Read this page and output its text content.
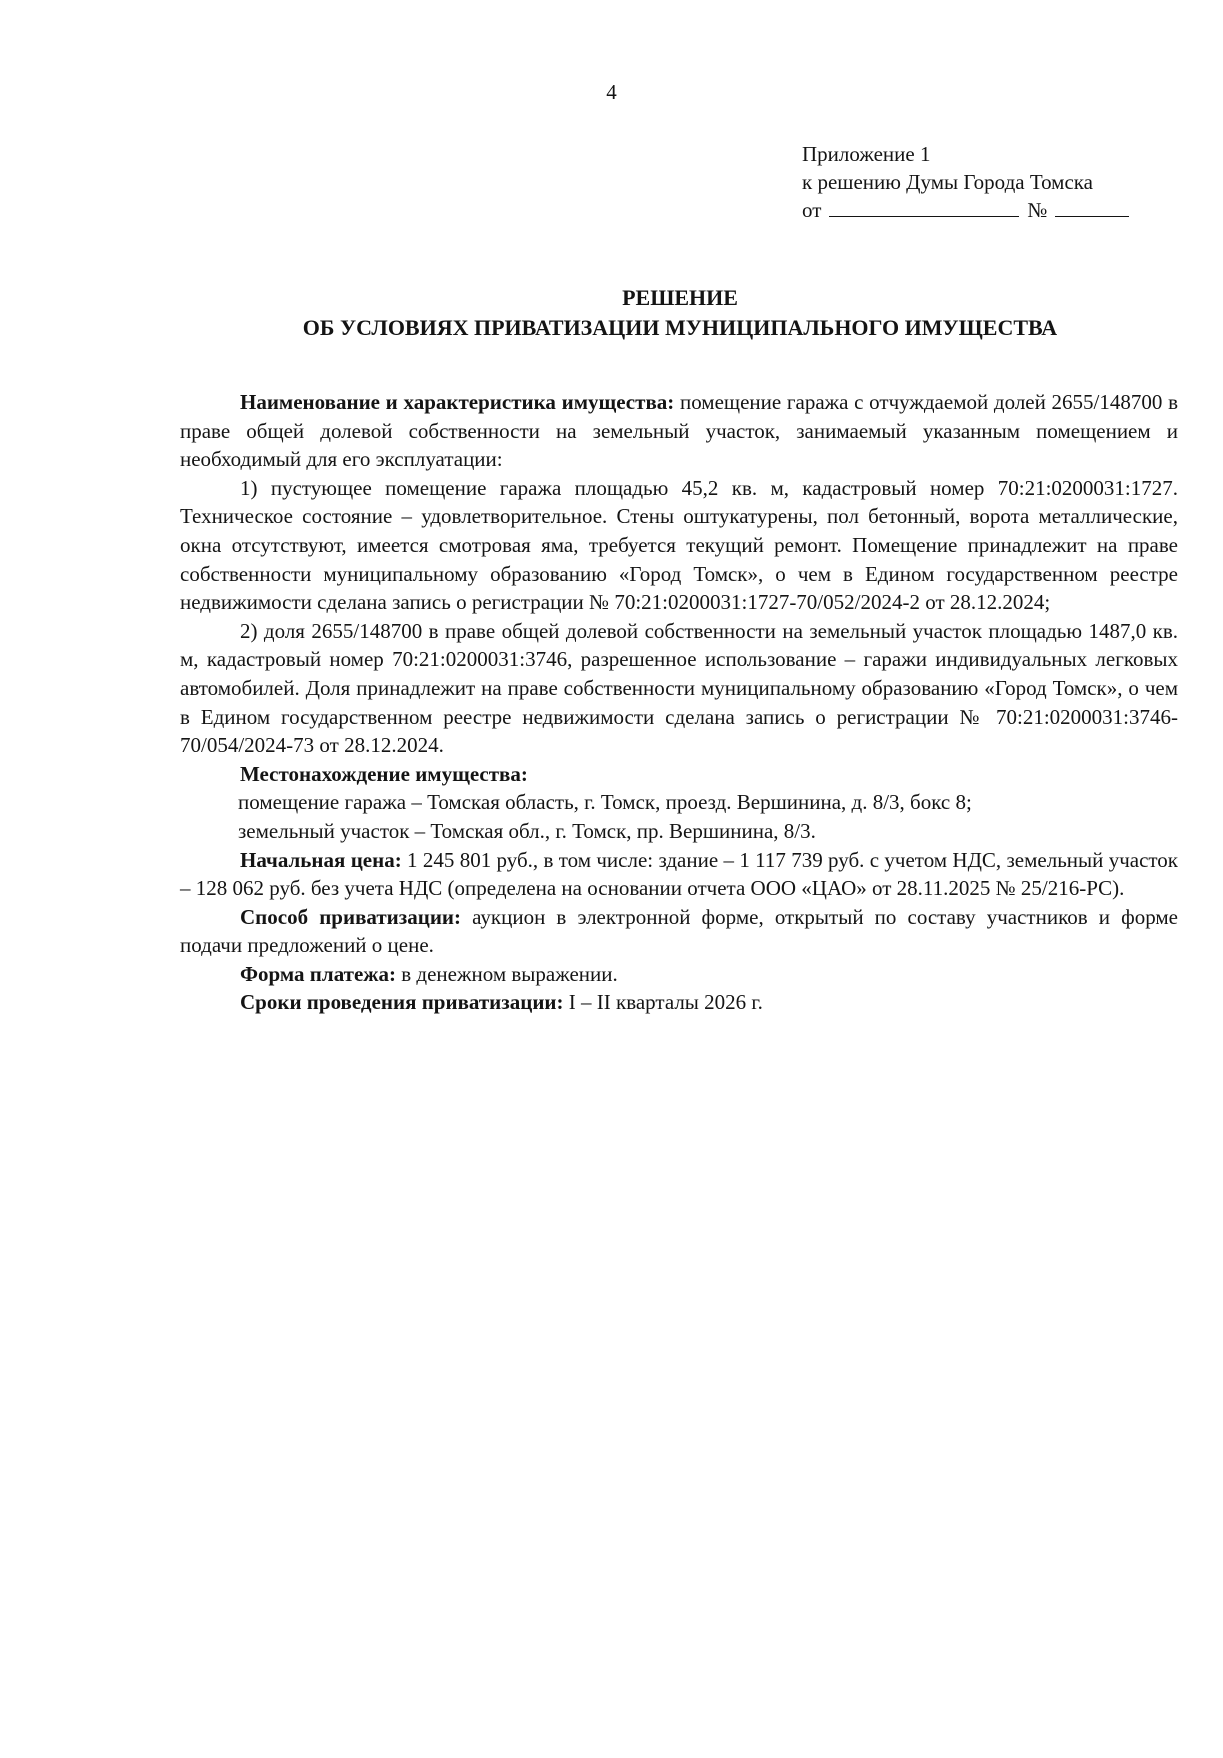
4
Приложение 1
к решению Думы Города Томска
от	№
РЕШЕНИЕ
ОБ УСЛОВИЯХ ПРИВАТИЗАЦИИ МУНИЦИПАЛЬНОГО ИМУЩЕСТВА

Наименование и характеристика имущества: помещение гаража с отчуждаемой долей 2655/148700 в праве общей долевой собственности на земельный участок, занимаемый указанным помещением и необходимый для его эксплуатации:

1) пустующее помещение гаража площадью 45,2 кв. м, кадастровый номер 70:21:0200031:1727. Техническое состояние – удовлетворительное. Стены оштукатурены, пол бетонный, ворота металлические, окна отсутствуют, имеется смотровая яма, требуется текущий ремонт. Помещение принадлежит на праве собственности муниципальному образованию «Город Томск», о чем в Едином государственном реестре недвижимости сделана запись о регистрации № 70:21:0200031:1727-70/052/2024-2 от 28.12.2024;

2) доля 2655/148700 в праве общей долевой собственности на земельный участок площадью 1487,0 кв. м, кадастровый номер 70:21:0200031:3746, разрешенное использование – гаражи индивидуальных легковых автомобилей. Доля принадлежит на праве собственности муниципальному образованию «Город Томск», о чем в Едином государственном реестре недвижимости сделана запись о регистрации № 70:21:0200031:3746-70/054/2024-73 от 28.12.2024.

Местонахождение имущества:

помещение гаража – Томская область, г. Томск, проезд. Вершинина, д. 8/3, бокс 8;

земельный участок – Томская обл., г. Томск, пр. Вершинина, 8/3.

Начальная цена: 1 245 801 руб., в том числе: здание – 1 117 739 руб. с учетом НДС, земельный участок – 128 062 руб. без учета НДС (определена на основании отчета ООО «ЦАО» от 28.11.2025 № 25/216-РС).

Способ приватизации: аукцион в электронной форме, открытый по составу участников и форме подачи предложений о цене.

Форма платежа: в денежном выражении.

Сроки проведения приватизации: I – II кварталы 2026 г.
